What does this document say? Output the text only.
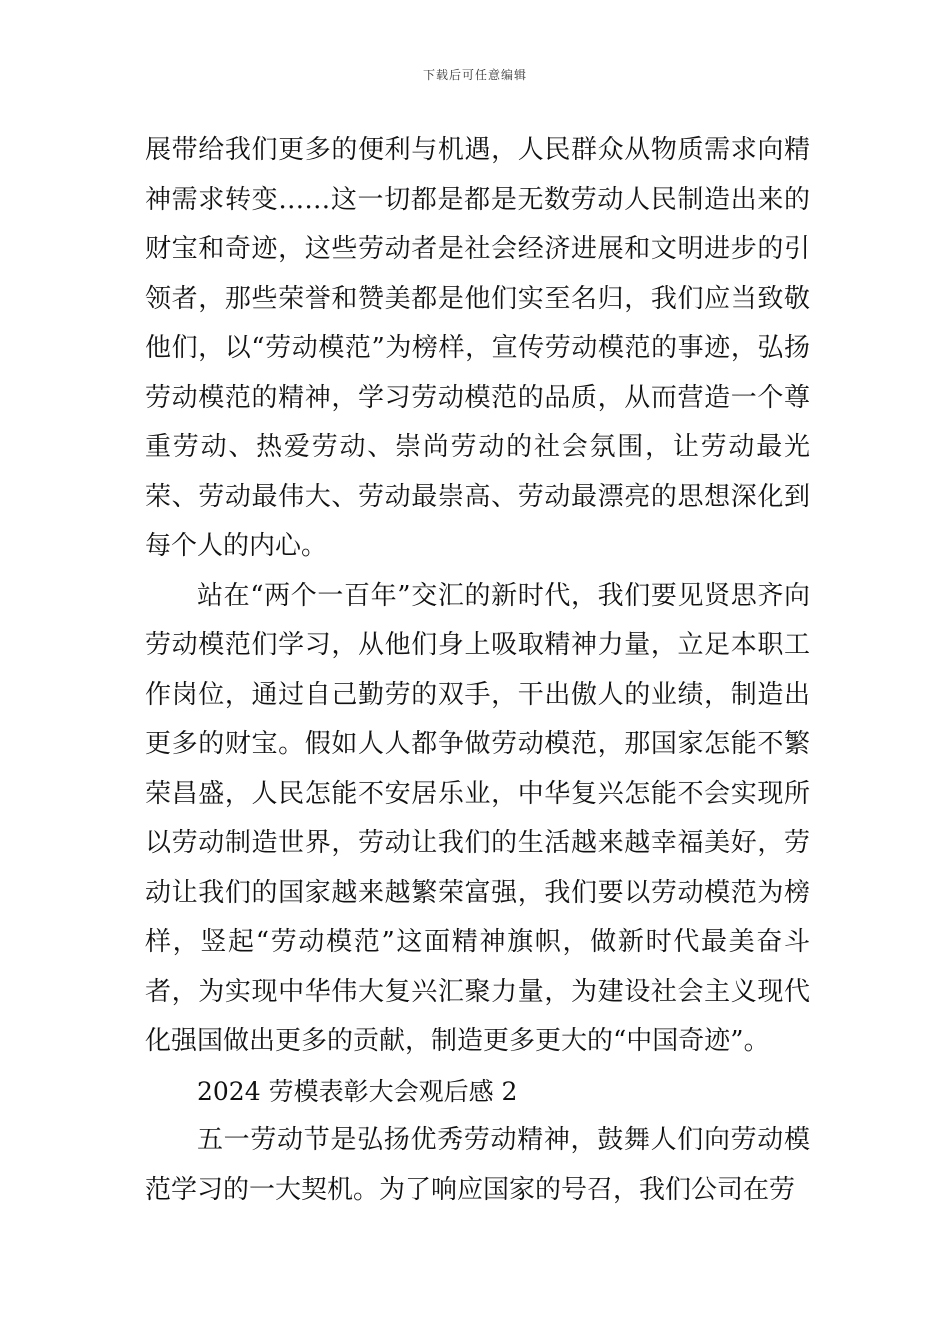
下载后可任意编辑

展带给我们更多的便利与机遇，人民群众从物质需求向精神需求转变……这一切都是都是无数劳动人民制造出来的财宝和奇迹，这些劳动者是社会经济进展和文明进步的引领者，那些荣誉和赞美都是他们实至名归，我们应当致敬他们，以“劳动模范”为榜样，宣传劳动模范的事迹，弘扬劳动模范的精神，学习劳动模范的品质，从而营造一个尊重劳动、热爱劳动、崇尚劳动的社会氛围，让劳动最光荣、劳动最伟大、劳动最崇高、劳动最漂亮的思想深化到每个人的内心。

站在“两个一百年”交汇的新时代，我们要见贤思齐向劳动模范们学习，从他们身上吸取精神力量，立足本职工作岗位，通过自己勤劳的双手，干出傲人的业绩，制造出更多的财宝。假如人人都争做劳动模范，那国家怎能不繁荣昌盛，人民怎能不安居乐业，中华复兴怎能不会实现所以劳动制造世界，劳动让我们的生活越来越幸福美好，劳动让我们的国家越来越繁荣富强，我们要以劳动模范为榜样，竖起“劳动模范”这面精神旗帜，做新时代最美奋斗者，为实现中华伟大复兴汇聚力量，为建设社会主义现代化强国做出更多的贡献，制造更多更大的“中国奇迹”。

2024 劳模表彰大会观后感 2

五一劳动节是弘扬优秀劳动精神，鼓舞人们向劳动模范学习的一大契机。为了响应国家的号召，我们公司在劳
